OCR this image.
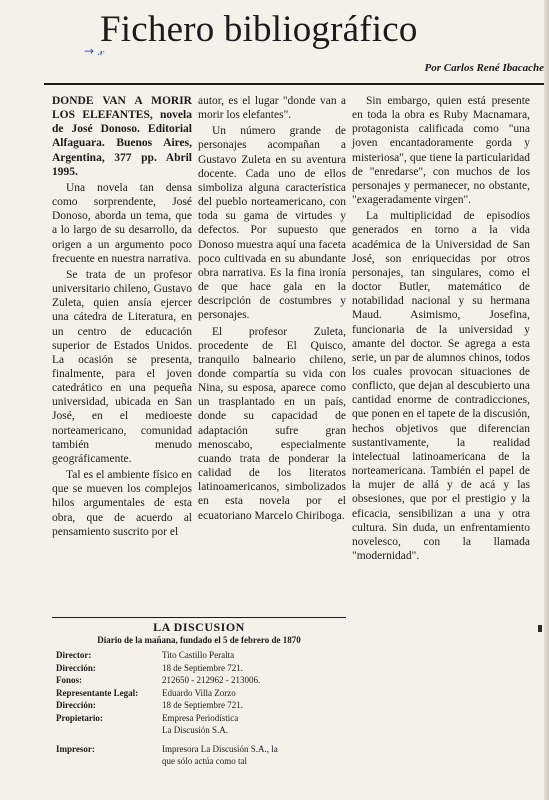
Fichero bibliográfico
→ 𝓍
Por Carlos René Ibacache

DONDE VAN A MORIR LOS ELEFANTES, novela de José Donoso. Editorial Alfaguara. Buenos Aires, Argentina, 377 pp. Abril 1995.

Una novela tan densa como sorprendente, José Donoso, aborda un tema, que a lo largo de su desarrollo, da origen a un argumento poco frecuente en nuestra narrativa.

Se trata de un profesor universitario chileno, Gustavo Zuleta, quien ansía ejercer una cátedra de Literatura, en un centro de educación superior de Estados Unidos. La ocasión se presenta, finalmente, para el joven catedrático en una pequeña universidad, ubicada en San José, en el medioeste norteamericano, comunidad también menudo geográficamente.

Tal es el ambiente físico en que se mueven los complejos hilos argumentales de esta obra, que de acuerdo al pensamiento suscrito por el

autor, es el lugar "donde van a morir los elefantes".

Un número grande de personajes acompañan a Gustavo Zuleta en su aventura docente. Cada uno de ellos simboliza alguna característica del pueblo norteamericano, con toda su gama de virtudes y defectos. Por supuesto que Donoso muestra aquí una faceta poco cultivada en su abundante obra narrativa. Es la fina ironía de que hace gala en la descripción de costumbres y personajes.

El profesor Zuleta, procedente de El Quisco, tranquilo balneario chileno, donde compartía su vida con Nina, su esposa, aparece como un trasplantado en un país, donde su capacidad de adaptación sufre gran menoscabo, especialmente cuando trata de ponderar la calidad de los literatos latinoamericanos, simbolizados en esta novela por el ecuatoriano Marcelo Chiriboga.

Sin embargo, quien está presente en toda la obra es Ruby Macnamara, protagonista calificada como "una joven encantadoramente gorda y misteriosa", que tiene la particularidad de "enredarse", con muchos de los personajes y permanecer, no obstante, "exageradamente virgen".

La multiplicidad de episodios generados en torno a la vida académica de la Universidad de San José, son enriquecidas por otros personajes, tan singulares, como el doctor Butler, matemático de notabilidad nacional y su hermana Maud. Asimismo, Josefina, funcionaria de la universidad y amante del doctor. Se agrega a esta serie, un par de alumnos chinos, todos los cuales provocan situaciones de conflicto, que dejan al descubierto una cantidad enorme de contradicciones, que ponen en el tapete de la discusión, hechos objetivos que diferencian sustantivamente, la realidad intelectual latinoamericana de la norteamericana. También el papel de la mujer de allá y de acá y las obsesiones, que por el prestigio y la eficacia, sensibilizan a una y otra cultura. Sin duda, un enfrentamiento novelesco, con la llamada "modernidad".

LA DISCUSION
Diario de la mañana, fundado el 5 de febrero de 1870
Director:	Tito Castillo Peralta
Dirección:	18 de Septiembre 721.
Fonos:	212650 - 212962 - 213006.
Representante Legal:	Eduardo Villa Zorzo
Dirección:	18 de Septiembre 721.
Propietario:	Empresa Periodística
La Discusión S.A.
Impresor:	Impresora La Discusión S.A., la
que sólo actúa como tal
